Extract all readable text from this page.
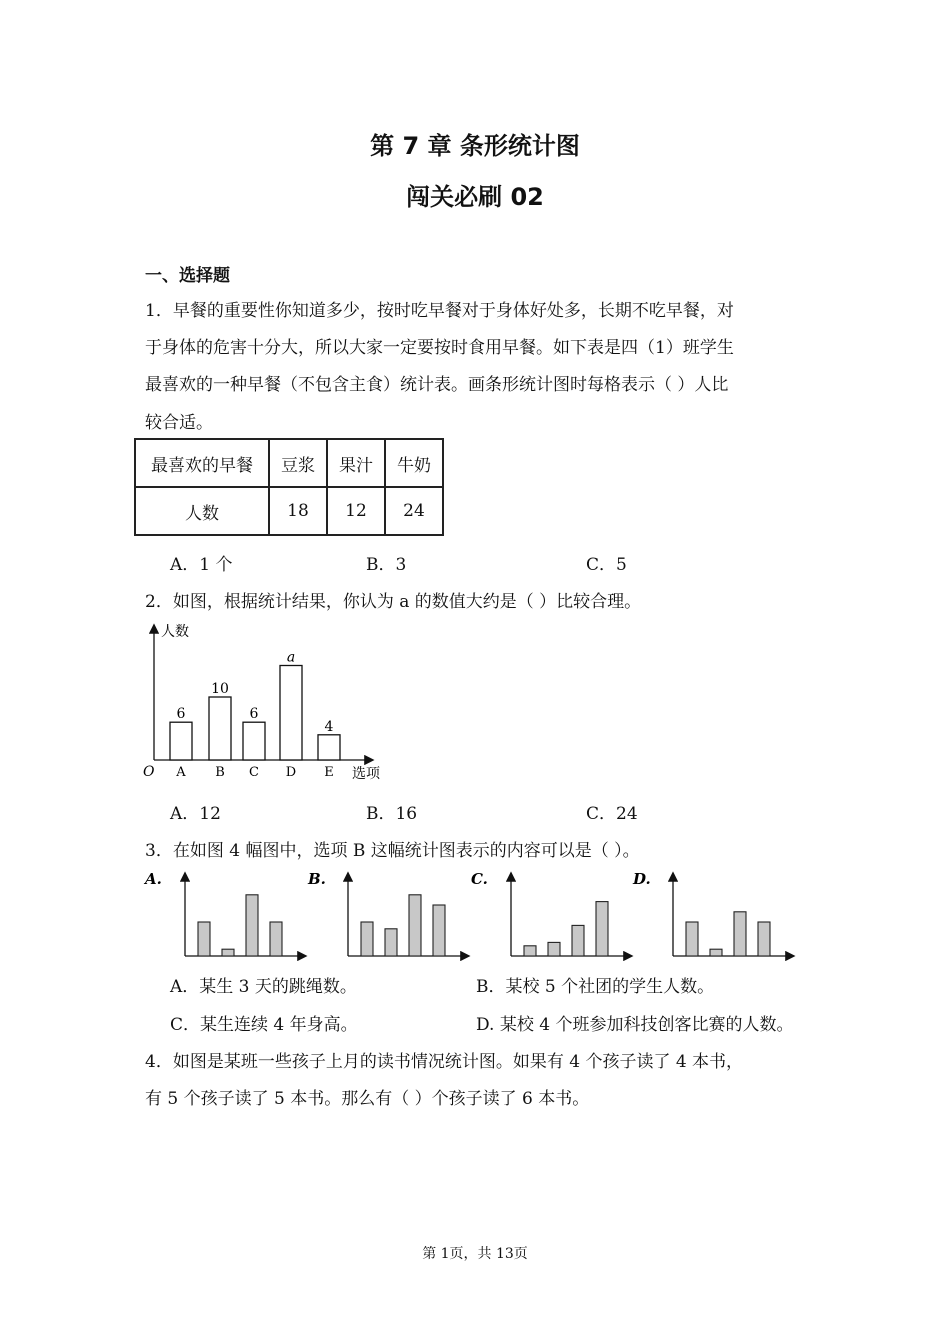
第 7 章 条形统计图
闯关必刷 02
一、选择题
1．早餐的重要性你知道多少，按时吃早餐对于身体好处多，长期不吃早餐，对
于身体的危害十分大，所以大家一定要按时食用早餐。如下表是四（1）班学生
最喜欢的一种早餐（不包含主食）统计表。画条形统计图时每格表示（ ）人比
较合适。
最喜欢的早餐	豆浆	果汁	牛奶
人数	18	12	24
A．1 个	B．3	C．5
2．如图，根据统计结果，你认为 a 的数值大约是（ ）比较合理。
人数
选项
O
6
A
10
B
6
C
a
D
4
E
A．12	B．16	C．24
3．在如图 4 幅图中，选项 B 这幅统计图表示的内容可以是（ ）。
A.	B.	C.	D.
A．某生 3 天的跳绳数。	B．某校 5 个社团的学生人数。
C．某生连续 4 年身高。	D. 某校 4 个班参加科技创客比赛的人数。
4．如图是某班一些孩子上月的读书情况统计图。如果有 4 个孩子读了 4 本书，
有 5 个孩子读了 5 本书。那么有（ ）个孩子读了 6 本书。
第 1页，共 13页
